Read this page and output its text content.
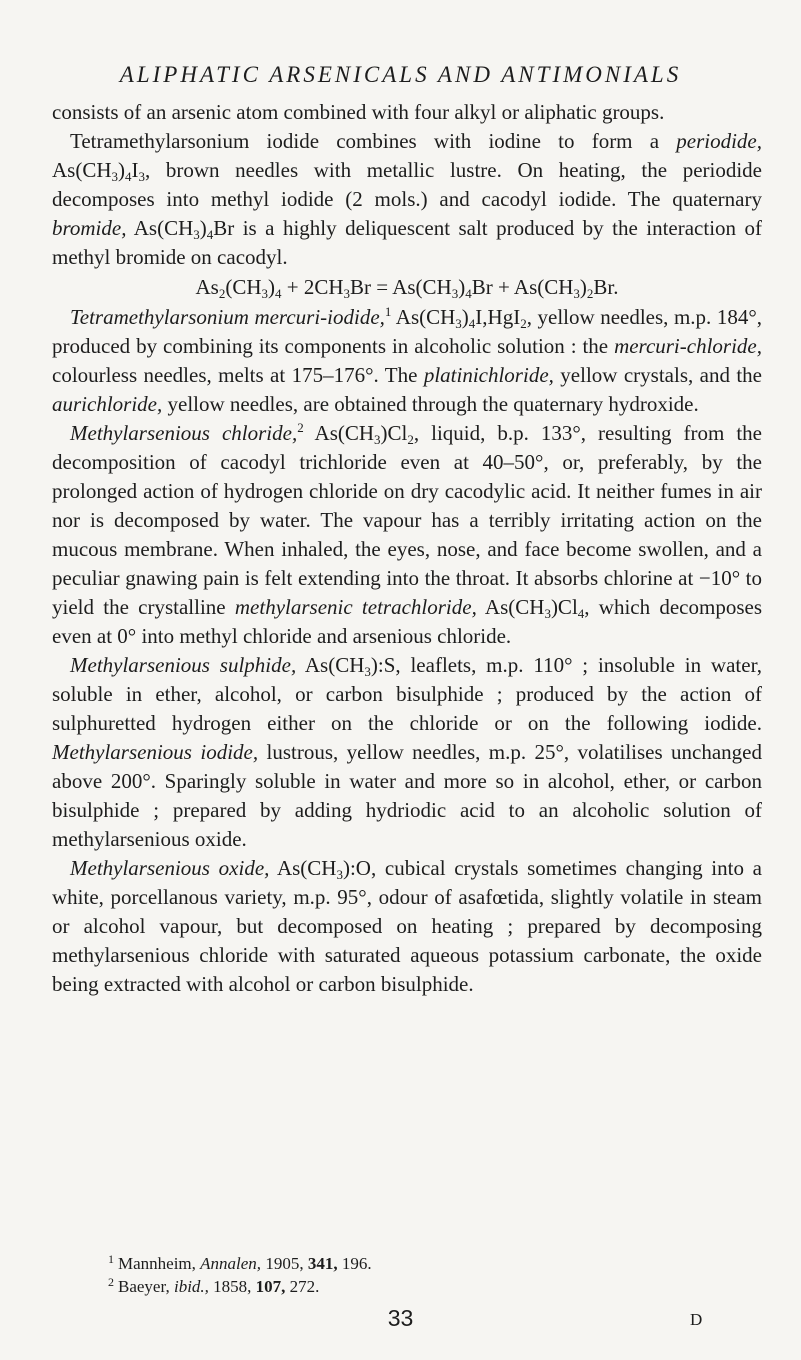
ALIPHATIC ARSENICALS AND ANTIMONIALS

consists of an arsenic atom combined with four alkyl or aliphatic groups.

Tetramethylarsonium iodide combines with iodine to form a periodide, $As(CH_3)_4I_3$, brown needles with metallic lustre. On heating, the periodide decomposes into methyl iodide (2 mols.) and cacodyl iodide. The quaternary bromide, $As(CH_3)_4Br$ is a highly deliquescent salt produced by the interaction of methyl bromide on cacodyl.

$As_2(CH_3)_4 + 2CH_3Br = As(CH_3)_4Br + As(CH_3)_2Br$.

Tetramethylarsonium mercuri-iodide,$^1$ $As(CH_3)_4I,HgI_2$, yellow needles, m.p. 184°, produced by combining its components in alcoholic solution : the mercuri-chloride, colourless needles, melts at 175–176°. The platinichloride, yellow crystals, and the aurichloride, yellow needles, are obtained through the quaternary hydroxide.

Methylarsenious chloride,$^2$ $As(CH_3)Cl_2$, liquid, b.p. 133°, resulting from the decomposition of cacodyl trichloride even at 40–50°, or, preferably, by the prolonged action of hydrogen chloride on dry cacodylic acid. It neither fumes in air nor is decomposed by water. The vapour has a terribly irritating action on the mucous membrane. When inhaled, the eyes, nose, and face become swollen, and a peculiar gnawing pain is felt extending into the throat. It absorbs chlorine at −10° to yield the crystalline methylarsenic tetrachloride, $As(CH_3)Cl_4$, which decomposes even at 0° into methyl chloride and arsenious chloride.

Methylarsenious sulphide, $As(CH_3):S$, leaflets, m.p. 110° ; insoluble in water, soluble in ether, alcohol, or carbon bisulphide ; produced by the action of sulphuretted hydrogen either on the chloride or on the following iodide. Methylarsenious iodide, lustrous, yellow needles, m.p. 25°, volatilises unchanged above 200°. Sparingly soluble in water and more so in alcohol, ether, or carbon bisulphide ; prepared by adding hydriodic acid to an alcoholic solution of methylarsenious oxide.

Methylarsenious oxide, $As(CH_3):O$, cubical crystals sometimes changing into a white, porcellanous variety, m.p. 95°, odour of asafœtida, slightly volatile in steam or alcohol vapour, but decomposed on heating ; prepared by decomposing methylarsenious chloride with saturated aqueous potassium carbonate, the oxide being extracted with alcohol or carbon bisulphide.

$^1$ Mannheim, Annalen, 1905, 341, 196.

$^2$ Baeyer, ibid., 1858, 107, 272.

33	D
